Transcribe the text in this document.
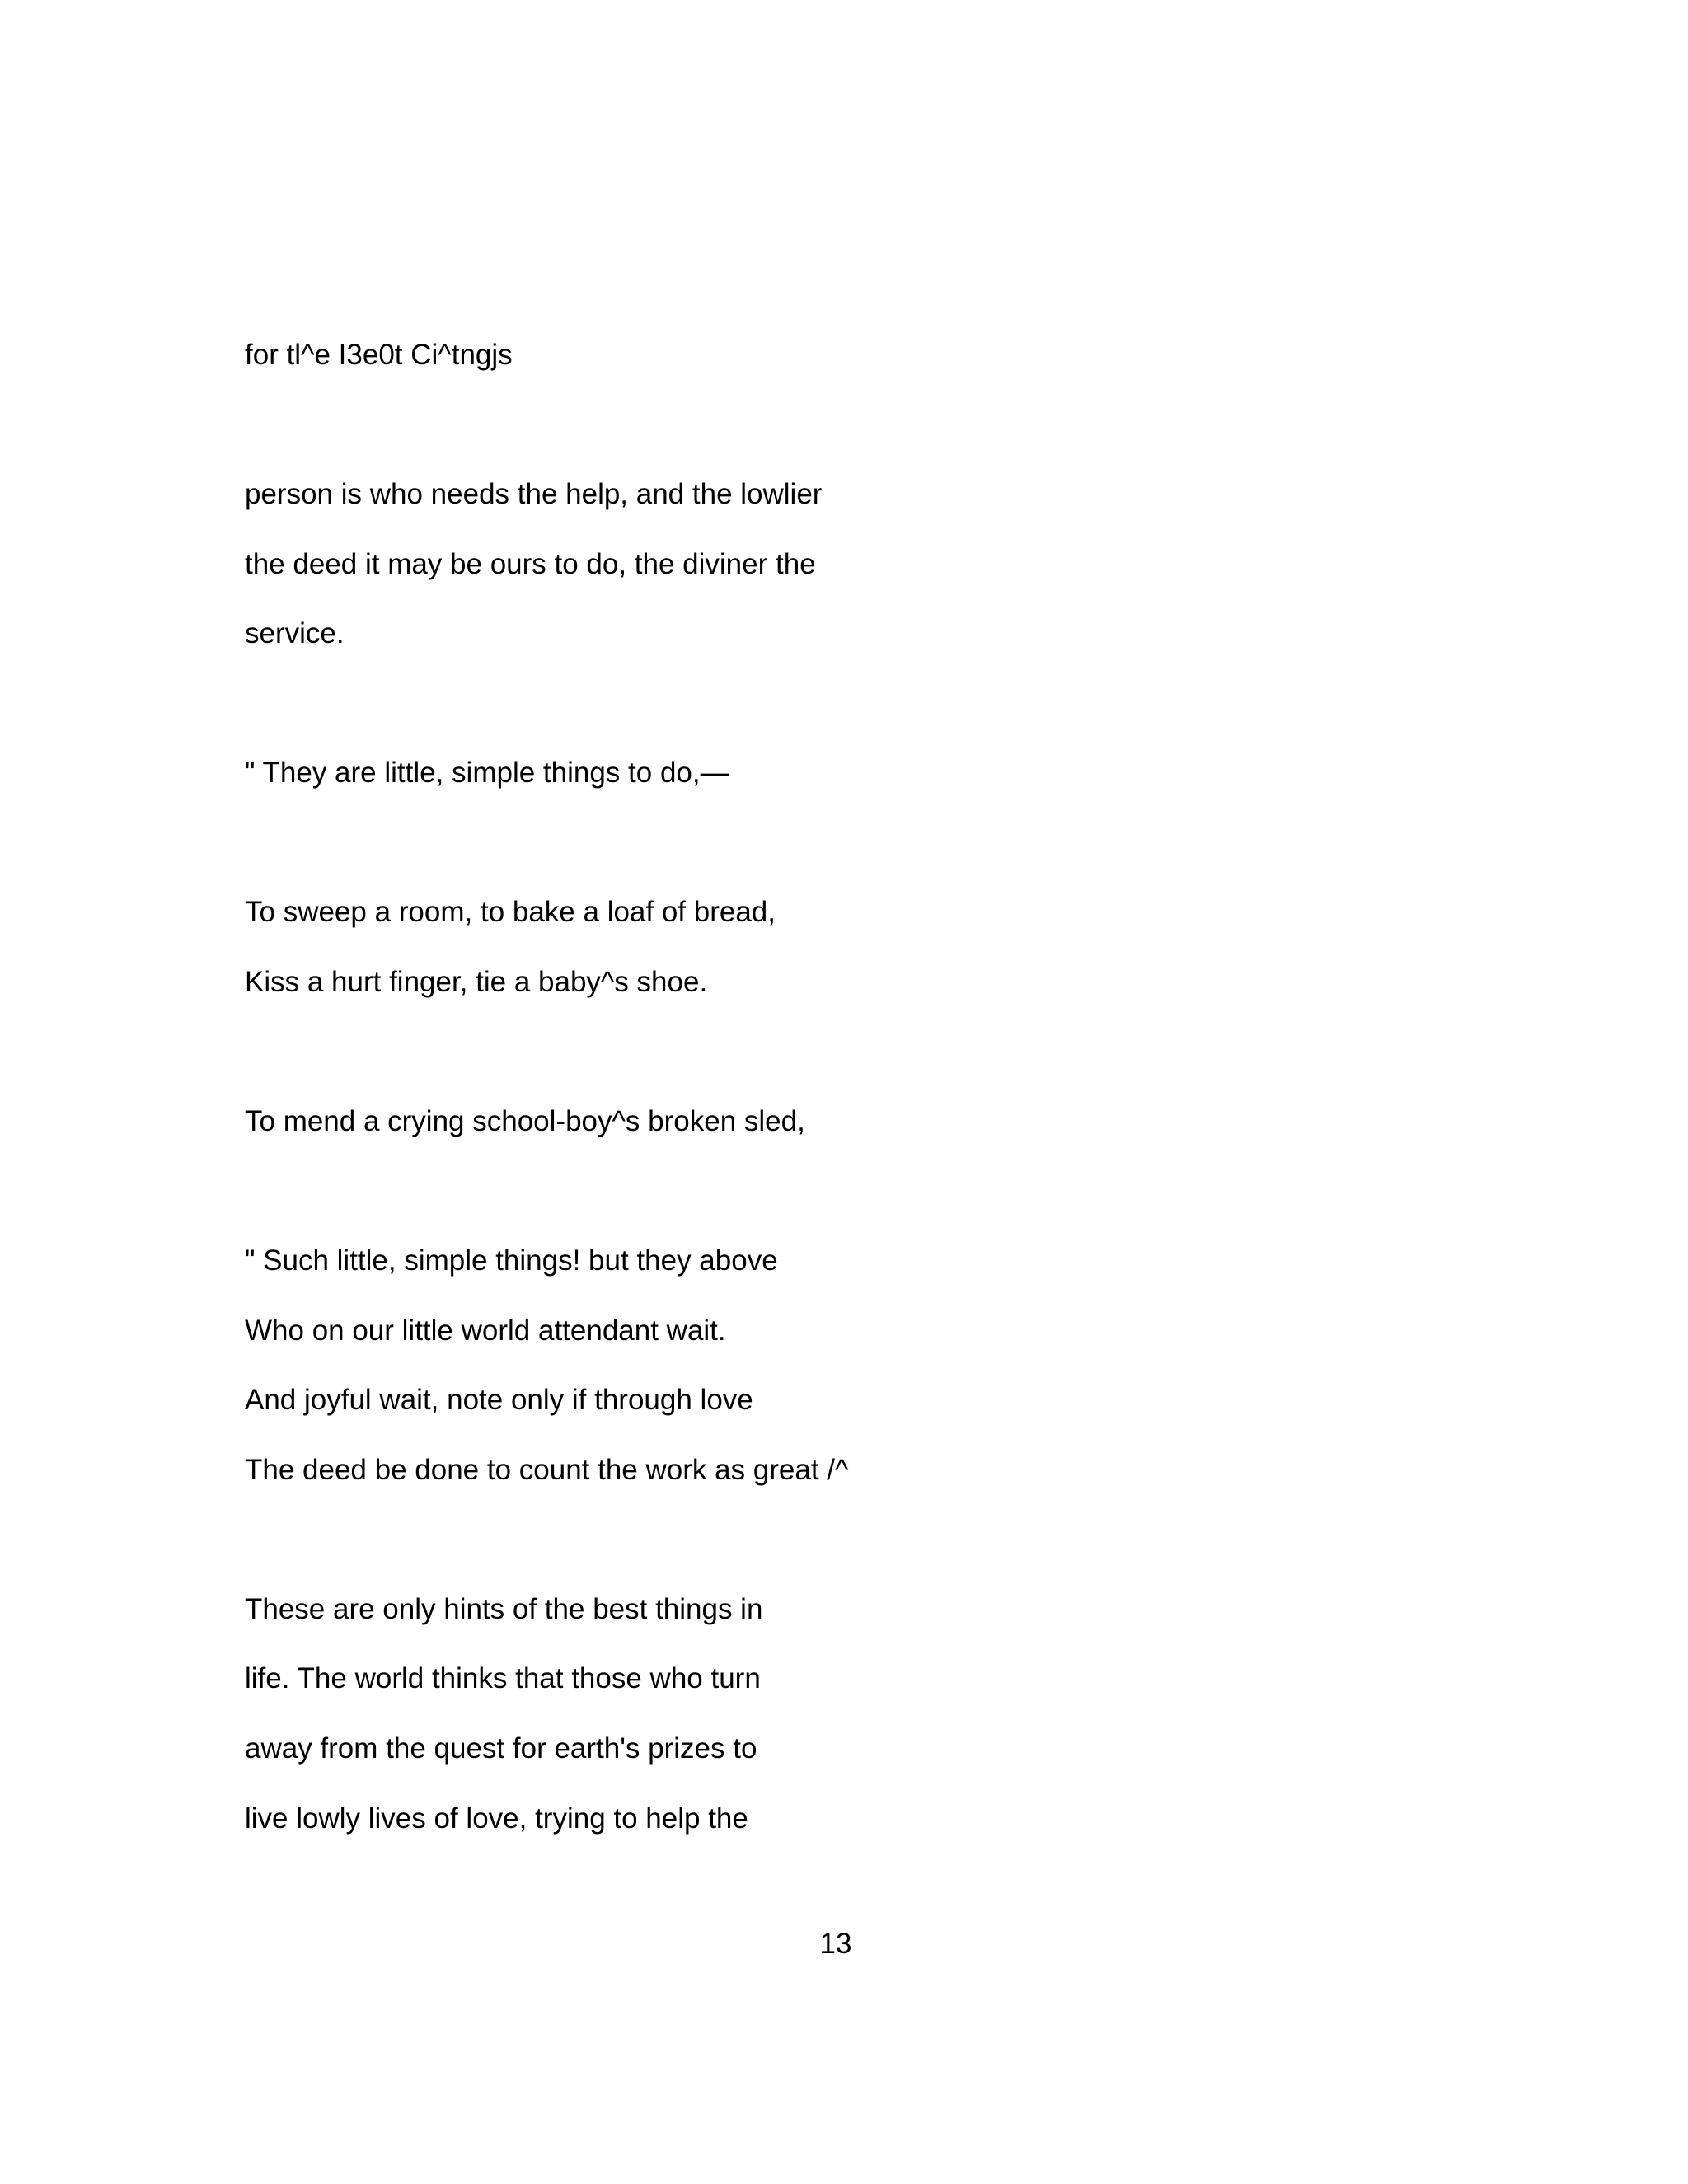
for tl^e I3e0t Ci^tngjs
person is who needs the help, and the lowlier
the deed it may be ours to do, the diviner the
service.
" They are little, simple things to do,—
To sweep a room, to bake a loaf of bread,
Kiss a hurt finger, tie a baby^s shoe.
To mend a crying school-boy^s broken sled,
" Such little, simple things! but they above
Who on our little world attendant wait.
And joyful wait, note only if through love
The deed be done to count the work as great /^
These are only hints of the best things in
life. The world thinks that those who turn
away from the quest for earth's prizes to
live lowly lives of love, trying to help the
13
